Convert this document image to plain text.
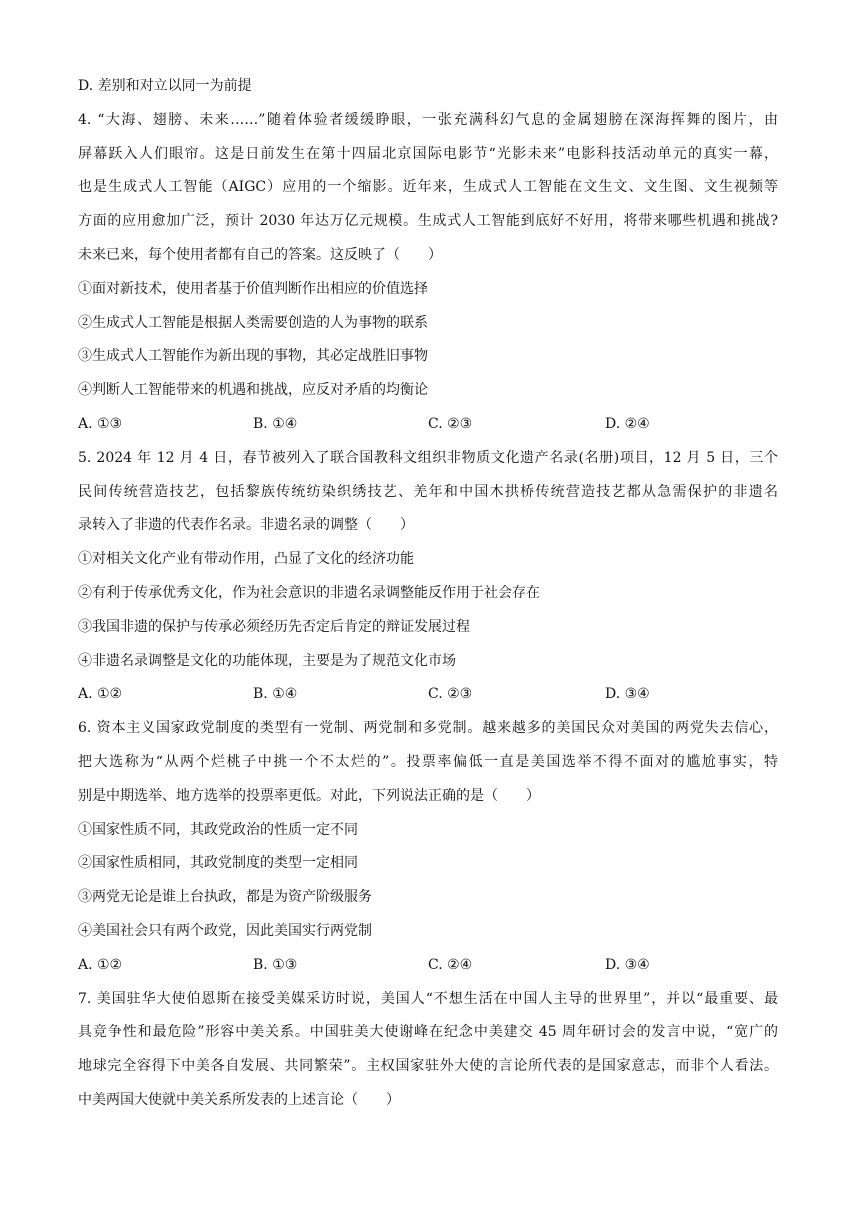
D. 差别和对立以同一为前提
4. “大海、翅膀、未来……”随着体验者缓缓睁眼，一张充满科幻气息的金属翅膀在深海挥舞的图片，由
屏幕跃入人们眼帘。这是日前发生在第十四届北京国际电影节“光影未来”电影科技活动单元的真实一幕，
也是生成式人工智能（AIGC）应用的一个缩影。近年来，生成式人工智能在文生文、文生图、文生视频等
方面的应用愈加广泛，预计 2030 年达万亿元规模。生成式人工智能到底好不好用，将带来哪些机遇和挑战?
未来已来，每个使用者都有自己的答案。这反映了（　　）
①面对新技术，使用者基于价值判断作出相应的价值选择
②生成式人工智能是根据人类需要创造的人为事物的联系
③生成式人工智能作为新出现的事物，其必定战胜旧事物
④判断人工智能带来的机遇和挑战，应反对矛盾的均衡论
A. ①③	B. ①④	C. ②③	D. ②④
5. 2024 年 12 月 4 日，春节被列入了联合国教科文组织非物质文化遗产名录(名册)项目，12 月 5 日，三个
民间传统营造技艺，包括黎族传统纺染织绣技艺、羌年和中国木拱桥传统营造技艺都从急需保护的非遗名
录转入了非遗的代表作名录。非遗名录的调整（　　）
①对相关文化产业有带动作用，凸显了文化的经济功能
②有利于传承优秀文化，作为社会意识的非遗名录调整能反作用于社会存在
③我国非遗的保护与传承必须经历先否定后肯定的辩证发展过程
④非遗名录调整是文化的功能体现，主要是为了规范文化市场
A. ①②	B. ①④	C. ②③	D. ③④
6. 资本主义国家政党制度的类型有一党制、两党制和多党制。越来越多的美国民众对美国的两党失去信心，
把大选称为“从两个烂桃子中挑一个不太烂的”。投票率偏低一直是美国选举不得不面对的尴尬事实，特
别是中期选举、地方选举的投票率更低。对此，下列说法正确的是（　　）
①国家性质不同，其政党政治的性质一定不同
②国家性质相同，其政党制度的类型一定相同
③两党无论是谁上台执政，都是为资产阶级服务
④美国社会只有两个政党，因此美国实行两党制
A. ①②	B. ①③	C. ②④	D. ③④
7. 美国驻华大使伯恩斯在接受美媒采访时说，美国人“不想生活在中国人主导的世界里”，并以“最重要、最
具竞争性和最危险”形容中美关系。中国驻美大使谢峰在纪念中美建交 45 周年研讨会的发言中说，“宽广的
地球完全容得下中美各自发展、共同繁荣”。主权国家驻外大使的言论所代表的是国家意志，而非个人看法。
中美两国大使就中美关系所发表的上述言论（　　）
